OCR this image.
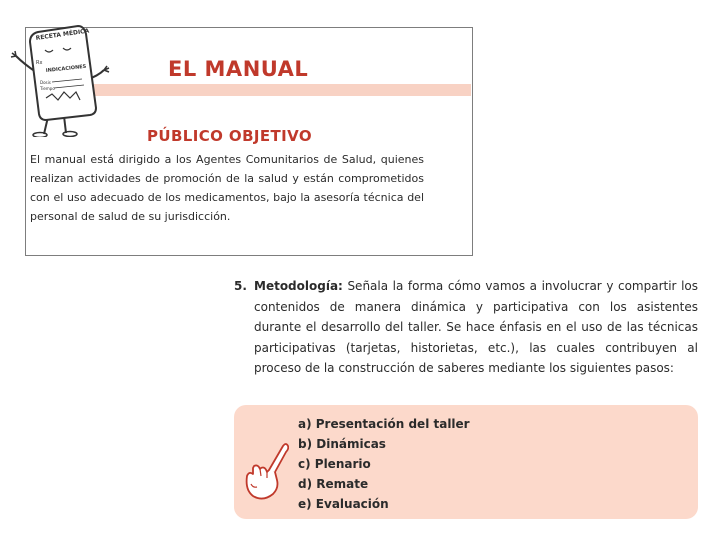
RECETA MÉDICA
Rx
INDICACIONES
Dosis
Tiempo
EL MANUAL
PÚBLICO OBJETIVO

El manual está dirigido a los Agentes Comunitarios de Salud, quienes realizan actividades de promoción de la salud y están comprometidos con el uso adecuado de los medicamentos, bajo la asesoría técnica del personal de salud de su jurisdicción.

5. Metodología: Señala la forma cómo vamos a involucrar y compartir los contenidos de manera dinámica y participativa con los asistentes durante el desarrollo del taller. Se hace énfasis en el uso de las técnicas participativas (tarjetas, historietas, etc.), las cuales contribuyen al proceso de la construcción de saberes mediante los siguientes pasos:

a) Presentación del taller
b) Dinámicas
c) Plenario
d) Remate
e) Evaluación
